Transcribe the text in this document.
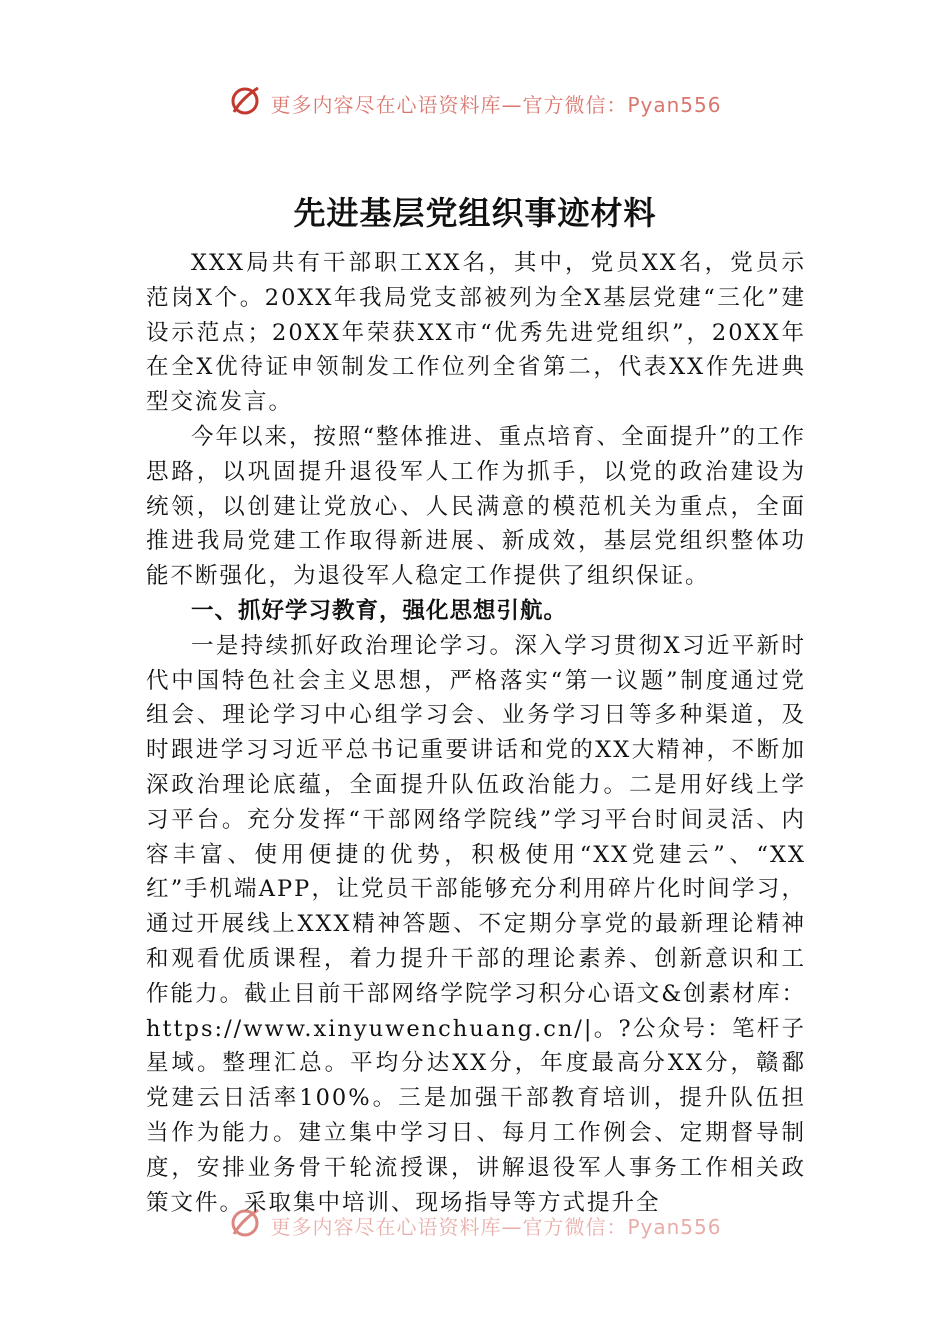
更多内容尽在心语资料库—官方微信：Pyan556
先进基层党组织事迹材料

XXX局共有干部职工XX名，其中，党员XX名，党员示范岗X个。20XX年我局党支部被列为全X基层党建“三化”建设示范点；20XX年荣获XX市“优秀先进党组织”，20XX年在全X优待证申领制发工作位列全省第二，代表XX作先进典型交流发言。

今年以来，按照“整体推进、重点培育、全面提升”的工作思路，以巩固提升退役军人工作为抓手，以党的政治建设为统领，以创建让党放心、人民满意的模范机关为重点，全面推进我局党建工作取得新进展、新成效，基层党组织整体功能不断强化，为退役军人稳定工作提供了组织保证。

一、抓好学习教育，强化思想引航。

一是持续抓好政治理论学习。深入学习贯彻X习近平新时代中国特色社会主义思想，严格落实“第一议题”制度通过党组会、理论学习中心组学习会、业务学习日等多种渠道，及时跟进学习习近平总书记重要讲话和党的XX大精神，不断加深政治理论底蕴，全面提升队伍政治能力。二是用好线上学习平台。充分发挥“干部网络学院线”学习平台时间灵活、内容丰富、使用便捷的优势，积极使用“XX党建云”、“XX红”手机端APP，让党员干部能够充分利用碎片化时间学习，通过开展线上XXX精神答题、不定期分享党的最新理论精神和观看优质课程，着力提升干部的理论素养、创新意识和工作能力。截止目前干部网络学院学习积分心语文&创素材库：https://www.xinyuwenchuang.cn/|。?公众号：笔杆子星域。整理汇总。平均分达XX分，年度最高分XX分，赣鄱党建云日活率100%。三是加强干部教育培训，提升队伍担当作为能力。建立集中学习日、每月工作例会、定期督导制度，安排业务骨干轮流授课，讲解退役军人事务工作相关政策文件。采取集中培训、现场指导等方式提升全

更多内容尽在心语资料库—官方微信：Pyan556
